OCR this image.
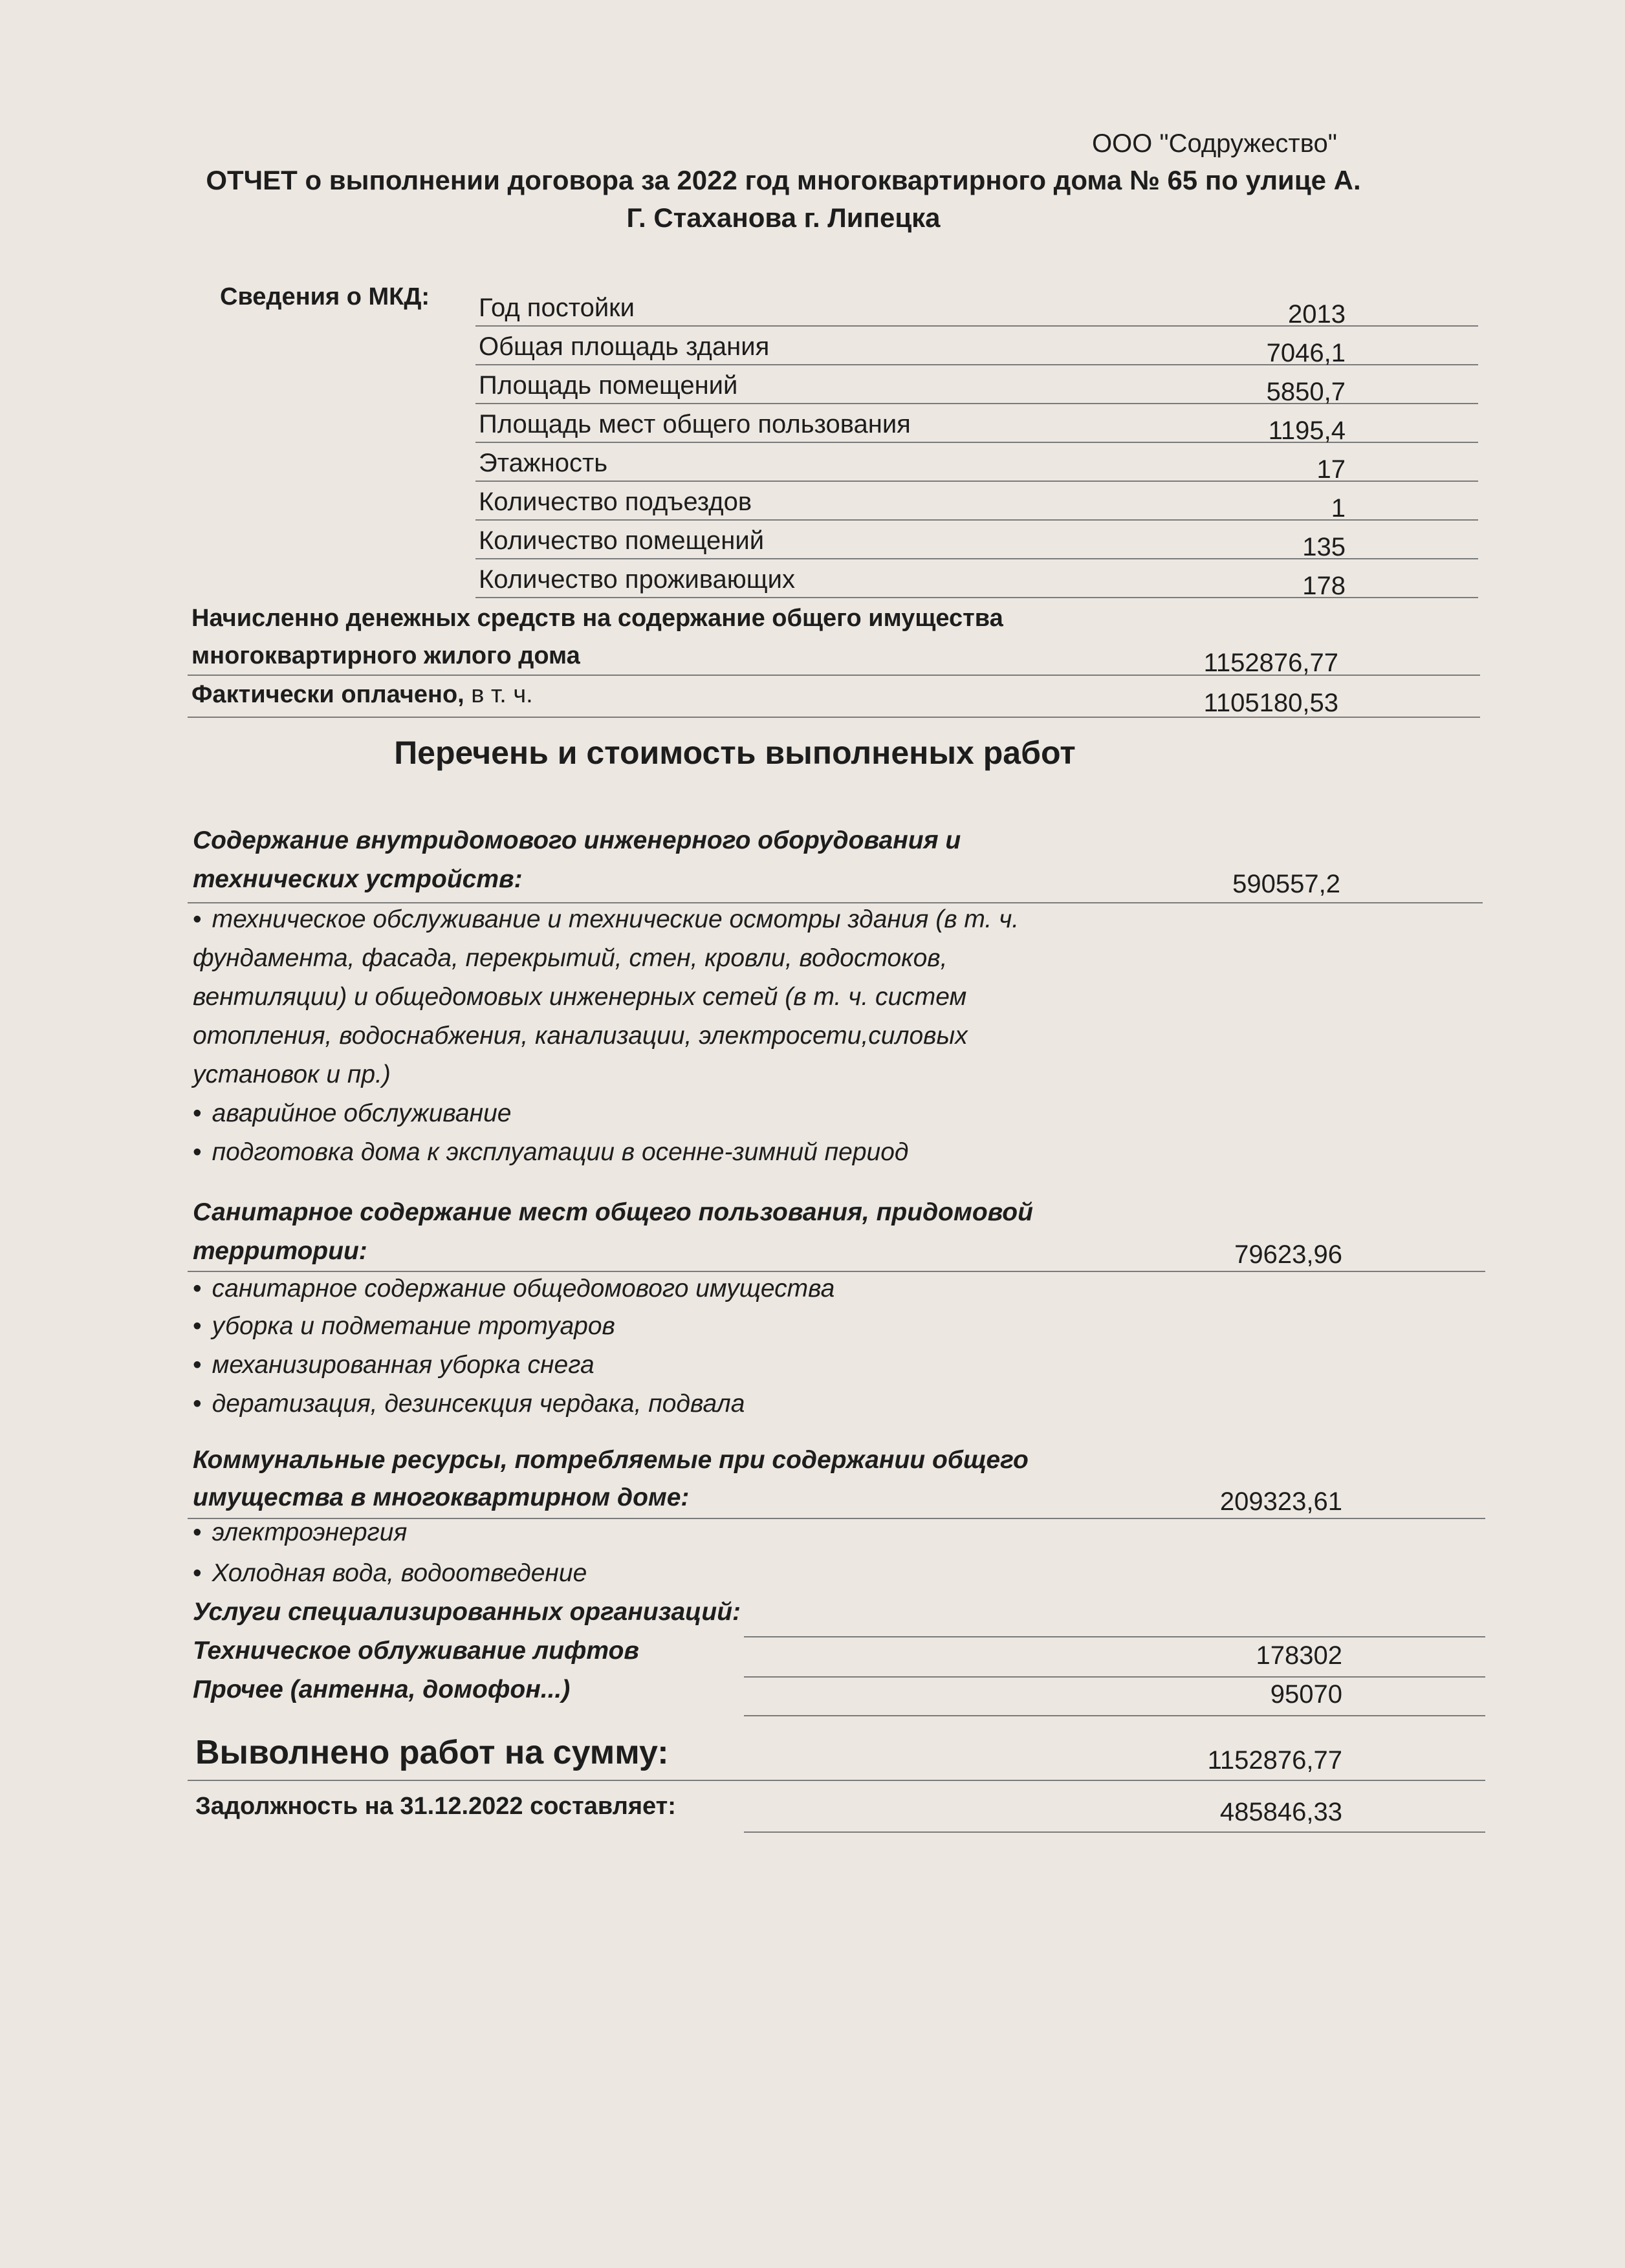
ООО "Содружество"
ОТЧЕТ о выполнении договора за 2022 год многоквартирного дома № 65 по улице А.
Г. Стаханова г. Липецка
Сведения о МКД: Год постойки	2013
Общая площадь здания	7046,1
Площадь помещений	5850,7
Площадь мест общего пользования	1195,4
Этажность	17
Количество подъездов	1
Количество помещений	135
Количество проживающих	178
Начисленно денежных средств на содержание общего имущества
многоквартирного жилого дома	1152876,77
Фактически оплачено, в т. ч.	1105180,53
Перечень и стоимость выполненых работ
Содержание внутридомового инженерного оборудования и
технических устройств:	590557,2
• техническое обслуживание и технические осмотры здания (в т. ч.
фундамента, фасада, перекрытий, стен, кровли, водостоков,
вентиляции) и общедомовых инженерных сетей (в т. ч. систем
отопления, водоснабжения, канализации, электросети,силовых
установок и пр.)
• аварийное обслуживание
• подготовка дома к эксплуатации в осенне-зимний период
Санитарное содержание мест общего пользования, придомовой
территории:	79623,96
• санитарное содержание общедомового имущества
• уборка и подметание тротуаров
• механизированная уборка снега
• дератизация, дезинсекция чердака, подвала
Коммунальные ресурсы, потребляемые при содержании общего
имущества в многоквартирном доме:	209323,61
• электроэнергия
• Холодная вода, водоотведение
Услуги специализированных организаций:
Техническое облуживание лифтов	178302
Прочее (антенна, домофон...)	95070
Выволнено работ на сумму:	1152876,77
Задолжность на 31.12.2022 составляет:	485846,33
